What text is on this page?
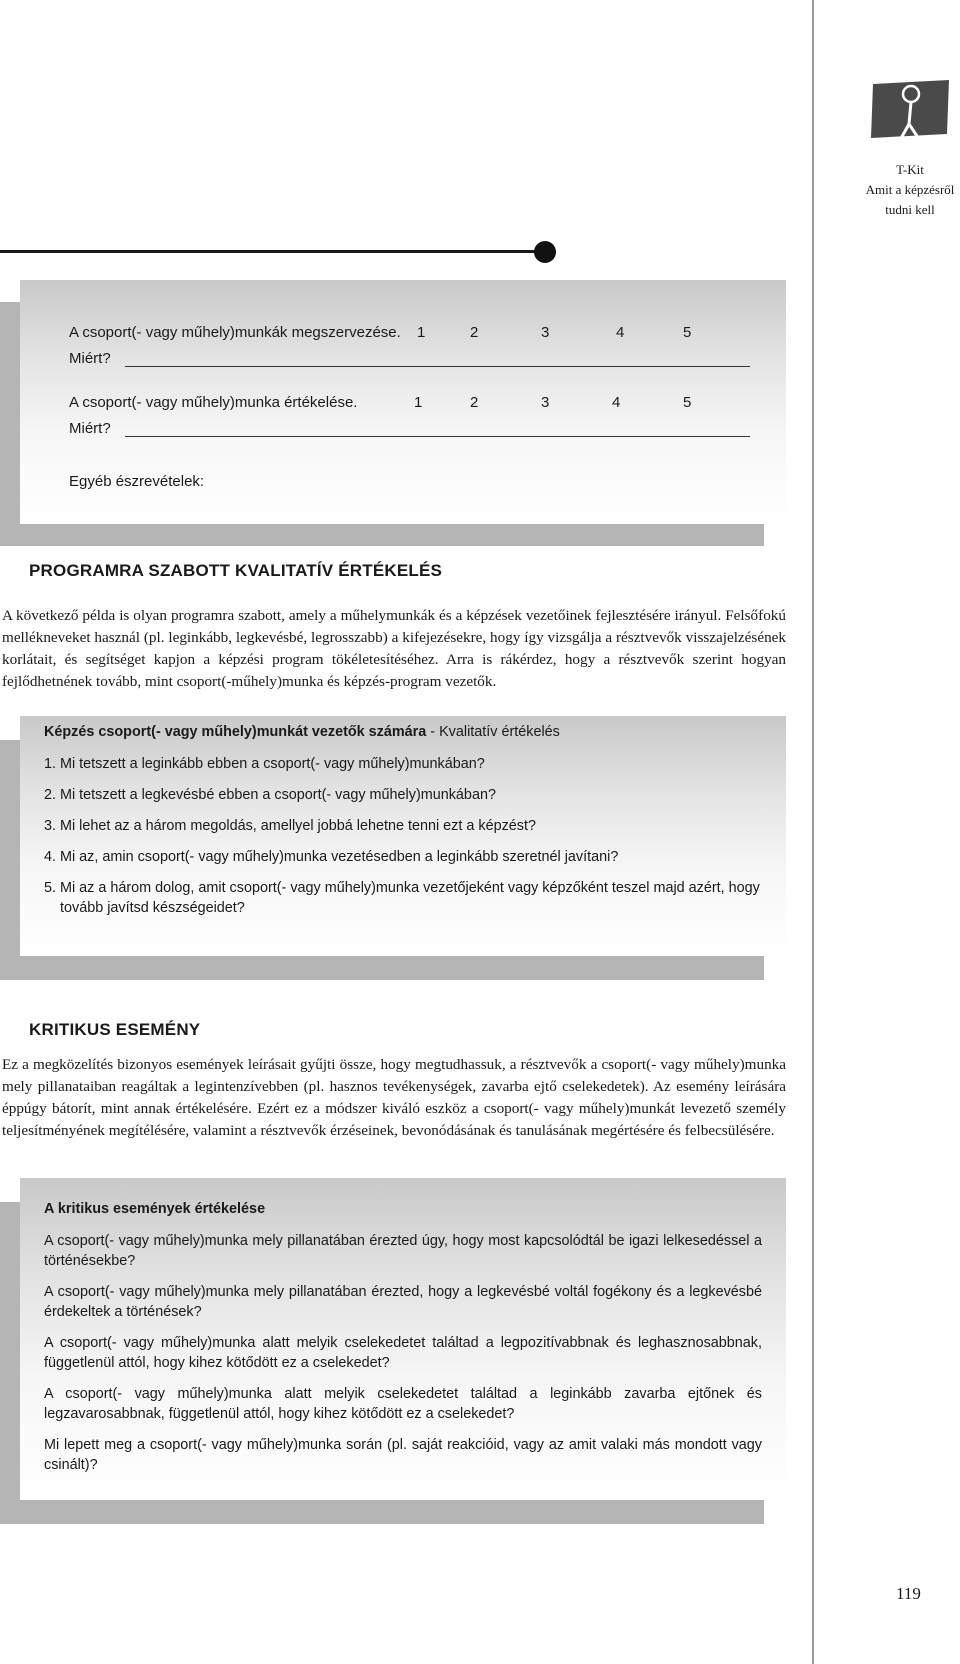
T-Kit
Amit a képzésről
tudni kell
A csoport(- vagy műhely)munkák megszervezése. 1	2	3	4	5
Miért?
A csoport(- vagy műhely)munka értékelése.	1	2	3	4	5
Miért?
Egyéb észrevételek:
PROGRAMRA SZABOTT KVALITATÍV ÉRTÉKELÉS
A következő példa is olyan programra szabott, amely a műhelymunkák és a képzések vezetőinek fejlesztésére irányul. Felsőfokú mellékneveket használ (pl. leginkább, legkevésbé, legrosszabb) a kifejezésekre, hogy így vizsgálja a résztvevők visszajelzésének korlátait, és segítséget kapjon a képzési program tökéletesítéséhez. Arra is rákérdez, hogy a résztvevők szerint hogyan fejlődhetnének tovább, mint csoport(-műhely)munka és képzés-program vezetők.
Képzés csoport(- vagy műhely)munkát vezetők számára - Kvalitatív értékelés
1. Mi tetszett a leginkább ebben a csoport(- vagy műhely)munkában?
2. Mi tetszett a legkevésbé ebben a csoport(- vagy műhely)munkában?
3. Mi lehet az a három megoldás, amellyel jobbá lehetne tenni ezt a képzést?
4. Mi az, amin csoport(- vagy műhely)munka vezetésedben a leginkább szeretnél javítani?
5. Mi az a három dolog, amit csoport(- vagy műhely)munka vezetőjeként vagy képzőként teszel majd azért, hogy tovább javítsd készségeidet?
KRITIKUS ESEMÉNY
Ez a megközelítés bizonyos események leírásait gyűjti össze, hogy megtudhassuk, a résztvevők a csoport(- vagy műhely)munka mely pillanataiban reagáltak a legintenzívebben (pl. hasznos tevékenységek, zavarba ejtő cselekedetek). Az esemény leírására éppúgy bátorít, mint annak értékelésére. Ezért ez a módszer kiváló eszköz a csoport(- vagy műhely)munkát levezető személy teljesítményének megítélésére, valamint a résztvevők érzéseinek, bevonódásának és tanulásának megértésére és felbecsülésére.
A kritikus események értékelése
A csoport(- vagy műhely)munka mely pillanatában érezted úgy, hogy most kapcsolódtál be igazi lelkesedéssel a történésekbe?
A csoport(- vagy műhely)munka mely pillanatában érezted, hogy a legkevésbé voltál fogékony és a legkevésbé érdekeltek a történések?
A csoport(- vagy műhely)munka alatt melyik cselekedetet találtad a legpozitívabbnak és leghasznosabbnak, függetlenül attól, hogy kihez kötődött ez a cselekedet?
A csoport(- vagy műhely)munka alatt melyik cselekedetet találtad a leginkább zavarba ejtőnek és legzavarosabbnak, függetlenül attól, hogy kihez kötődött ez a cselekedet?
Mi lepett meg a csoport(- vagy műhely)munka során (pl. saját reakcióid, vagy az amit valaki más mondott vagy csinált)?
119
